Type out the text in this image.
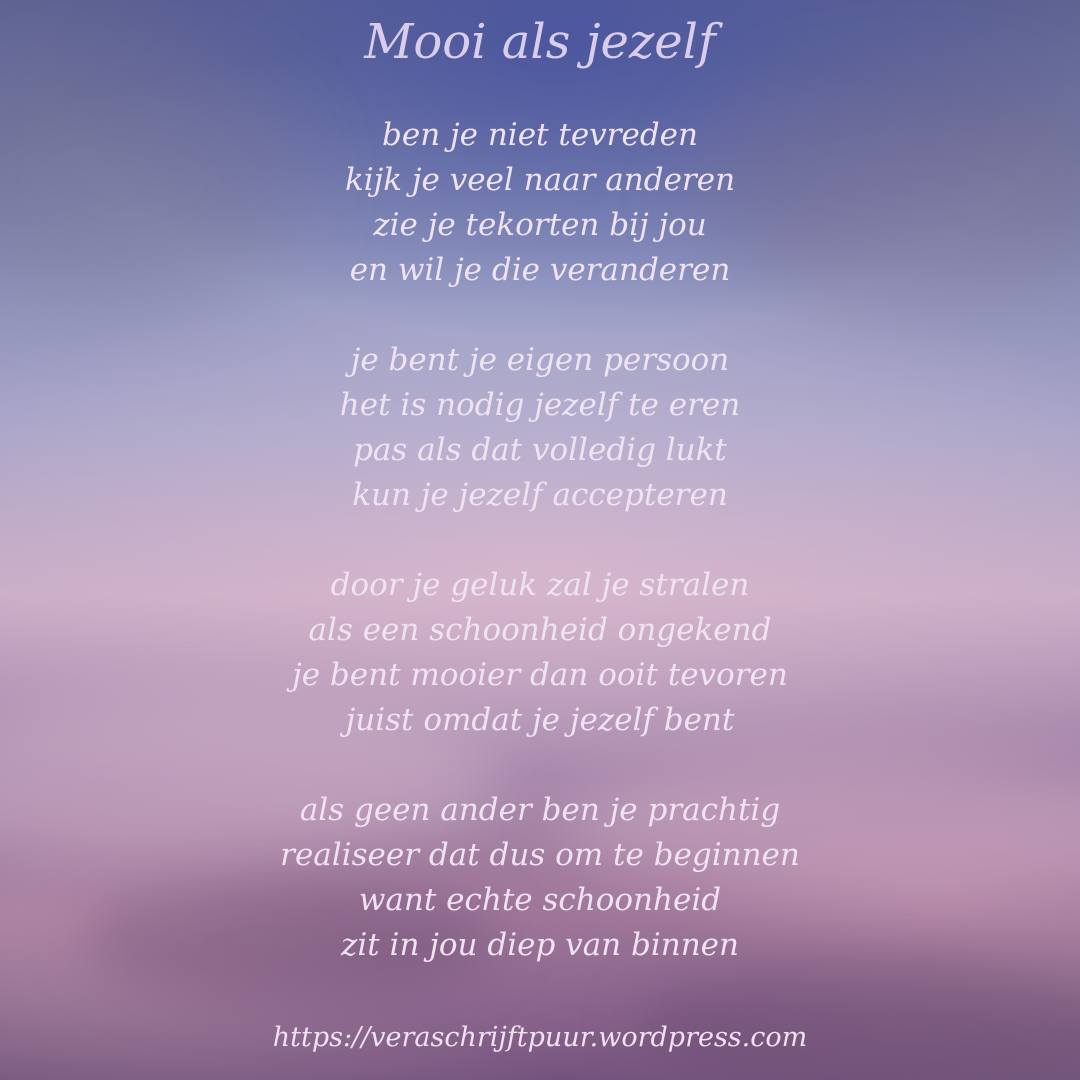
Mooi als jezelf
ben je niet tevreden
kijk je veel naar anderen
zie je tekorten bij jou
en wil je die veranderen
je bent je eigen persoon
het is nodig jezelf te eren
pas als dat volledig lukt
kun je jezelf accepteren
door je geluk zal je stralen
als een schoonheid ongekend
je bent mooier dan ooit tevoren
juist omdat je jezelf bent
als geen ander ben je prachtig
realiseer dat dus om te beginnen
want echte schoonheid
zit in jou diep van binnen
https://veraschrijftpuur.wordpress.com
